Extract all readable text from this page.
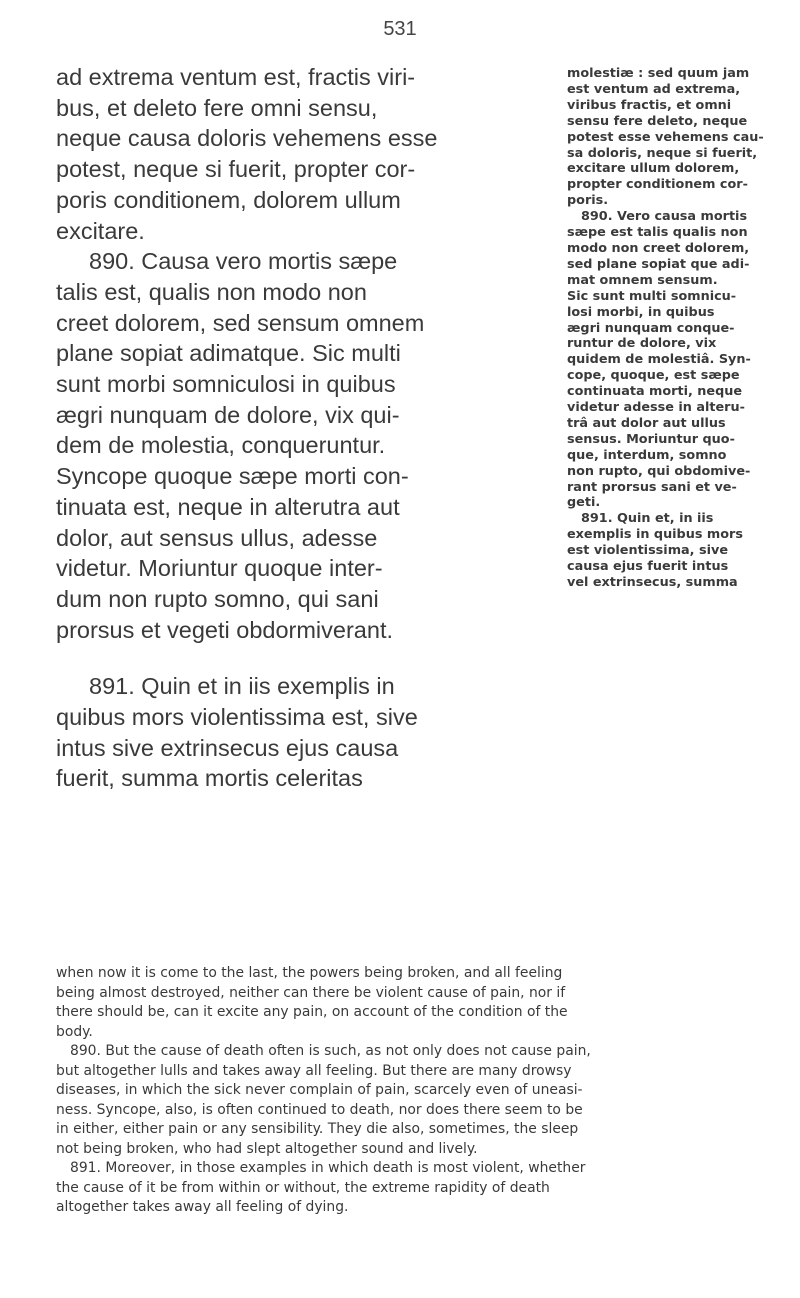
531

ad extrema ventum est, fractis viri-

bus, et deleto fere omni sensu,

neque causa doloris vehemens esse

potest, neque si fuerit, propter cor-

poris conditionem, dolorem ullum

excitare.

890. Causa vero mortis sæpe

talis est, qualis non modo non

creet dolorem, sed sensum omnem

plane sopiat adimatque. Sic multi

sunt morbi somniculosi in quibus

ægri nunquam de dolore, vix qui-

dem de molestia, conqueruntur.

Syncope quoque sæpe morti con-

tinuata est, neque in alterutra aut

dolor, aut sensus ullus, adesse

videtur. Moriuntur quoque inter-

dum non rupto somno, qui sani

prorsus et vegeti obdormiverant.

891. Quin et in iis exemplis in

quibus mors violentissima est, sive

intus sive extrinsecus ejus causa

fuerit, summa mortis celeritas

molestiæ : sed quum jam

est ventum ad extrema,

viribus fractis, et omni

sensu fere deleto, neque

potest esse vehemens cau-

sa doloris, neque si fuerit,

excitare ullum dolorem,

propter conditionem cor-

poris.

890. Vero causa mortis

sæpe est talis qualis non

modo non creet dolorem,

sed plane sopiat que adi-

mat omnem sensum.

Sic sunt multi somnicu-

losi morbi, in quibus

ægri nunquam conque-

runtur de dolore, vix

quidem de molestiâ. Syn-

cope, quoque, est sæpe

continuata morti, neque

videtur adesse in alteru-

trâ aut dolor aut ullus

sensus. Moriuntur quo-

que, interdum, somno

non rupto, qui obdomive-

rant prorsus sani et ve-

geti.

891. Quin et, in iis

exemplis in quibus mors

est violentissima, sive

causa ejus fuerit intus

vel extrinsecus, summa

when now it is come to the last, the powers being broken, and all feeling

being almost destroyed, neither can there be violent cause of pain, nor if

there should be, can it excite any pain, on account of the condition of the

body.

890. But the cause of death often is such, as not only does not cause pain,

but altogether lulls and takes away all feeling. But there are many drowsy

diseases, in which the sick never complain of pain, scarcely even of uneasi-

ness. Syncope, also, is often continued to death, nor does there seem to be

in either, either pain or any sensibility. They die also, sometimes, the sleep

not being broken, who had slept altogether sound and lively.

891. Moreover, in those examples in which death is most violent, whether

the cause of it be from within or without, the extreme rapidity of death

altogether takes away all feeling of dying.
